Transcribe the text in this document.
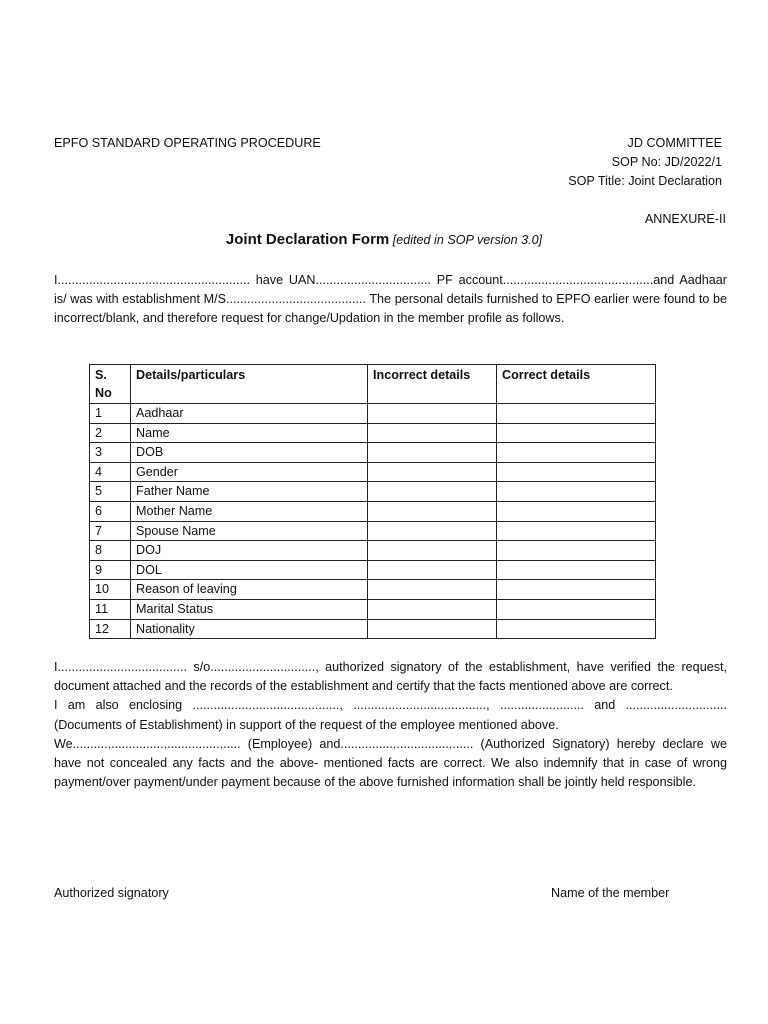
EPFO STANDARD OPERATING PROCEDURE	JD COMMITTEE
SOP No: JD/2022/1
SOP Title: Joint Declaration
ANNEXURE-II
Joint Declaration Form [edited in SOP version 3.0]

I....................................................... have UAN................................. PF account...........................................and Aadhaar is/ was with establishment M/S........................................ The personal details furnished to EPFO earlier were found to be incorrect/blank, and therefore request for change/Updation in the member profile as follows.

S. No	Details/particulars	Incorrect details	Correct details
1	Aadhaar		
2	Name		
3	DOB		
4	Gender		
5	Father Name		
6	Mother Name		
7	Spouse Name		
8	DOJ		
9	DOL		
10	Reason of leaving		
11	Marital Status		
12	Nationality		

I..................................... s/o.............................., authorized signatory of the establishment, have verified the request, document attached and the records of the establishment and certify that the facts mentioned above are correct.

I am also enclosing .........................................., ......................................, ........................ and ............................. (Documents of Establishment) in support of the request of the employee mentioned above.

We................................................ (Employee) and...................................... (Authorized Signatory) hereby declare we have not concealed any facts and the above- mentioned facts are correct. We also indemnify that in case of wrong payment/over payment/under payment because of the above furnished information shall be jointly held responsible.

Authorized signatory	Name of the member
